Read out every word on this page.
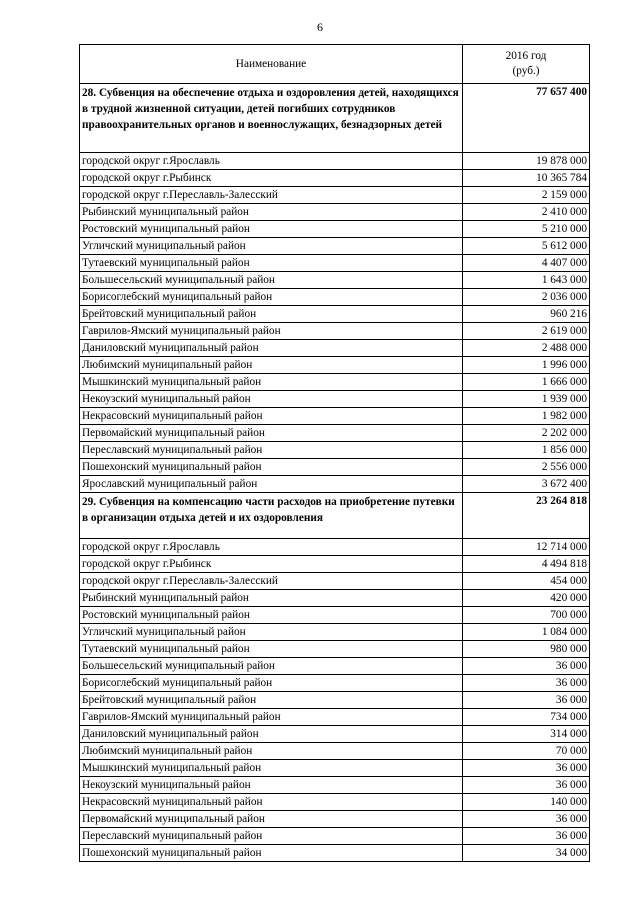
6
Наименование	2016 год
(руб.)
28. Субвенция на обеспечение отдыха и оздоровления детей, находящихся в трудной жизненной ситуации, детей погибших сотрудников правоохранительных органов и военнослужащих, безнадзорных детей	77 657 400
городской округ г.Ярославль	19 878 000
городской округ г.Рыбинск	10 365 784
городской округ г.Переславль-Залесский	2 159 000
Рыбинский муниципальный район	2 410 000
Ростовский муниципальный район	5 210 000
Угличский муниципальный район	5 612 000
Тутаевский муниципальный район	4 407 000
Большесельский муниципальный район	1 643 000
Борисоглебский муниципальный район	2 036 000
Брейтовский муниципальный район	960 216
Гаврилов-Ямский муниципальный район	2 619 000
Даниловский муниципальный район	2 488 000
Любимский муниципальный район	1 996 000
Мышкинский муниципальный район	1 666 000
Некоузский муниципальный район	1 939 000
Некрасовский муниципальный район	1 982 000
Первомайский муниципальный район	2 202 000
Переславский муниципальный район	1 856 000
Пошехонский муниципальный район	2 556 000
Ярославский муниципальный район	3 672 400
29. Субвенция на компенсацию части расходов на приобретение путевки в организации отдыха детей и их оздоровления	23 264 818
городской округ г.Ярославль	12 714 000
городской округ г.Рыбинск	4 494 818
городской округ г.Переславль-Залесский	454 000
Рыбинский муниципальный район	420 000
Ростовский муниципальный район	700 000
Угличский муниципальный район	1 084 000
Тутаевский муниципальный район	980 000
Большесельский муниципальный район	36 000
Борисоглебский муниципальный район	36 000
Брейтовский муниципальный район	36 000
Гаврилов-Ямский муниципальный район	734 000
Даниловский муниципальный район	314 000
Любимский муниципальный район	70 000
Мышкинский муниципальный район	36 000
Некоузский муниципальный район	36 000
Некрасовский муниципальный район	140 000
Первомайский муниципальный район	36 000
Переславский муниципальный район	36 000
Пошехонский муниципальный район	34 000
